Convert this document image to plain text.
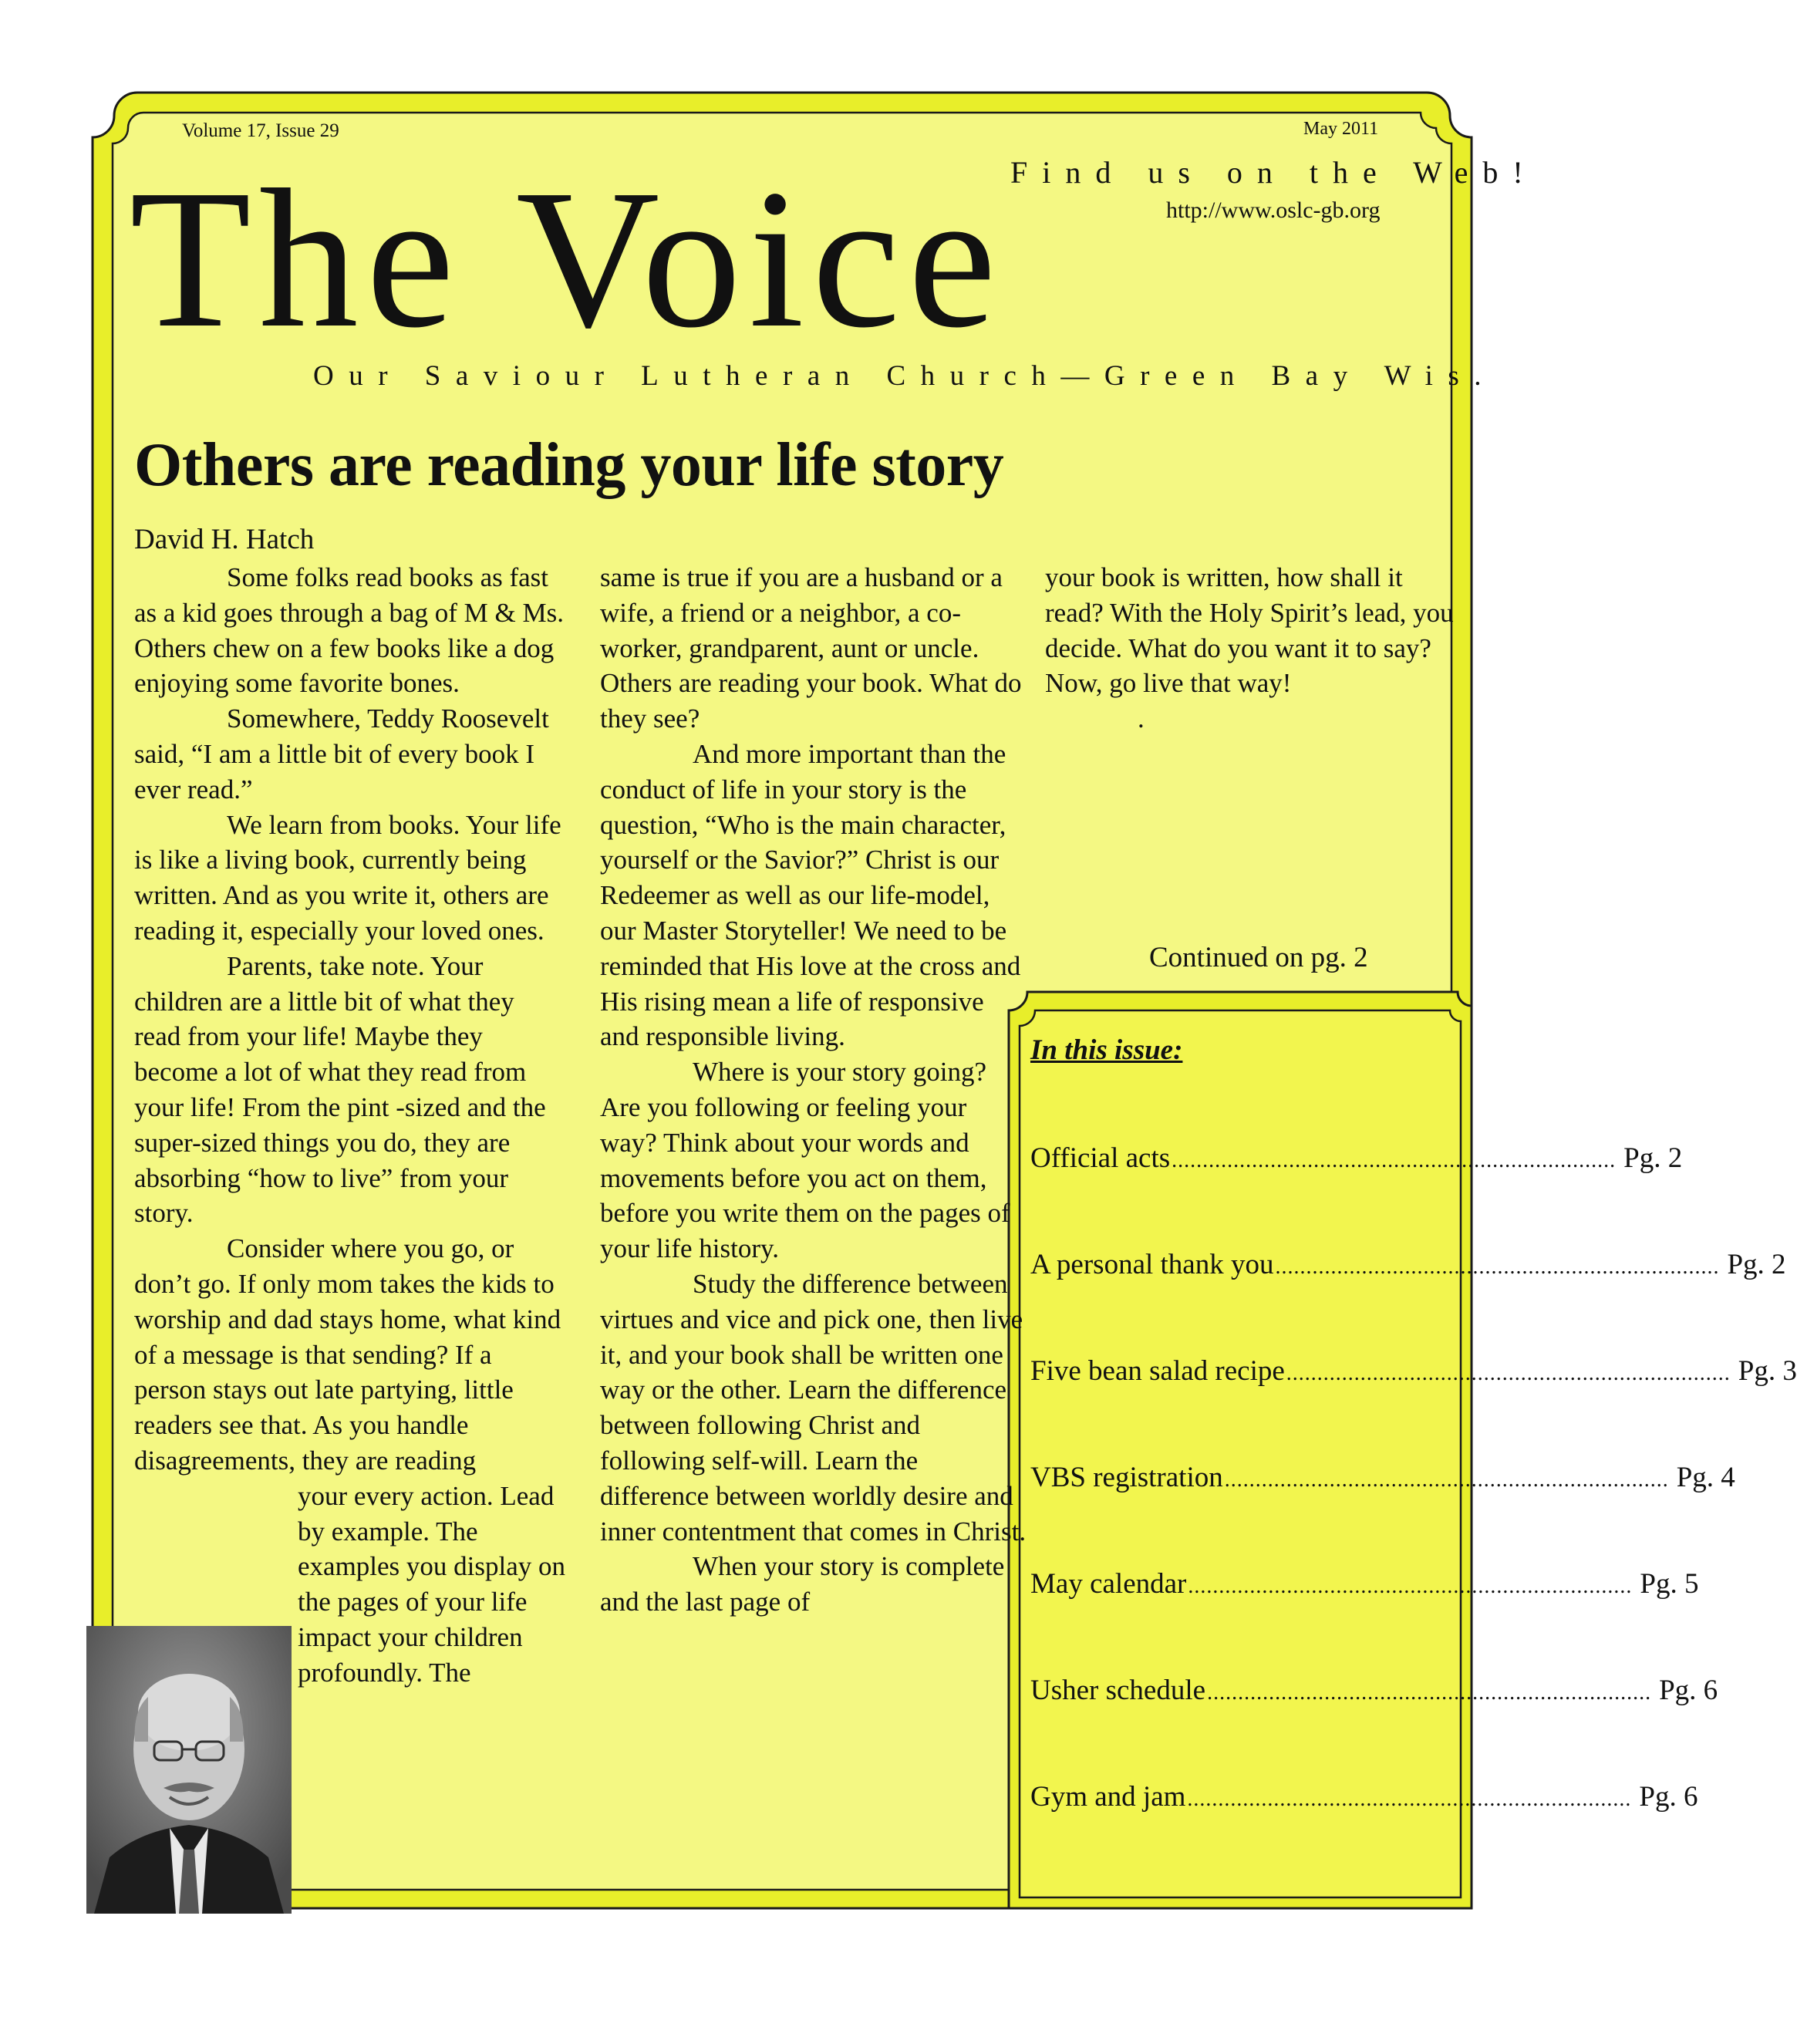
Volume 17, Issue 29	May 2011
Find us on the Web!
http://www.oslc-gb.org
The Voice
Our Saviour Lutheran Church—Green Bay Wis.
Others are reading your life story
David H. Hatch

Some folks read books as fast as a kid goes through a bag of M & Ms. Others chew on a few books like a dog enjoying some favorite bones.

Somewhere, Teddy Roosevelt said, “I am a little bit of every book I ever read.”

We learn from books. Your life is like a living book, currently being written. And as you write it, others are reading it, especially your loved ones.

Parents, take note. Your children are a little bit of what they read from your life! Maybe they become a lot of what they read from your life! From the pint -sized and the super-sized things you do, they are absorbing “how to live” from your story.

Consider where you go, or don’t go. If only mom takes the kids to worship and dad stays home, what kind of a message is that sending? If a person stays out late partying, little readers see that. As you handle disagreements, they are reading

your every action. Lead by example. The examples you display on the pages of your life impact your children profoundly. The

same is true if you are a husband or a wife, a friend or a neighbor, a co-worker, grandparent, aunt or uncle. Others are reading your book. What do they see?

And more important than the conduct of life in your story is the question, “Who is the main character, yourself or the Savior?” Christ is our Redeemer as well as our life-model, our Master Storyteller! We need to be reminded that His love at the cross and His rising mean a life of responsive and responsible living.

Where is your story going? Are you following or feeling your way? Think about your words and movements before you act on them, before you write them on the pages of your life history.

Study the difference between virtues and vice and pick one, then live it, and your book shall be written one way or the other. Learn the difference between following Christ and following self-will. Learn the difference between worldly desire and inner contentment that comes in Christ.

When your story is complete and the last page of

your book is written, how shall it read? With the Holy Spirit’s lead, you decide. What do you want it to say? Now, go live that way!

.

Continued on pg. 2
In this issue:
Official acts ........................................................................ Pg. 2
A personal thank you ........................................................................ Pg. 2
Five bean salad recipe ........................................................................ Pg. 3
VBS registration ........................................................................ Pg. 4
May calendar ........................................................................ Pg. 5
Usher schedule ........................................................................ Pg. 6
Gym and jam ........................................................................ Pg. 6
